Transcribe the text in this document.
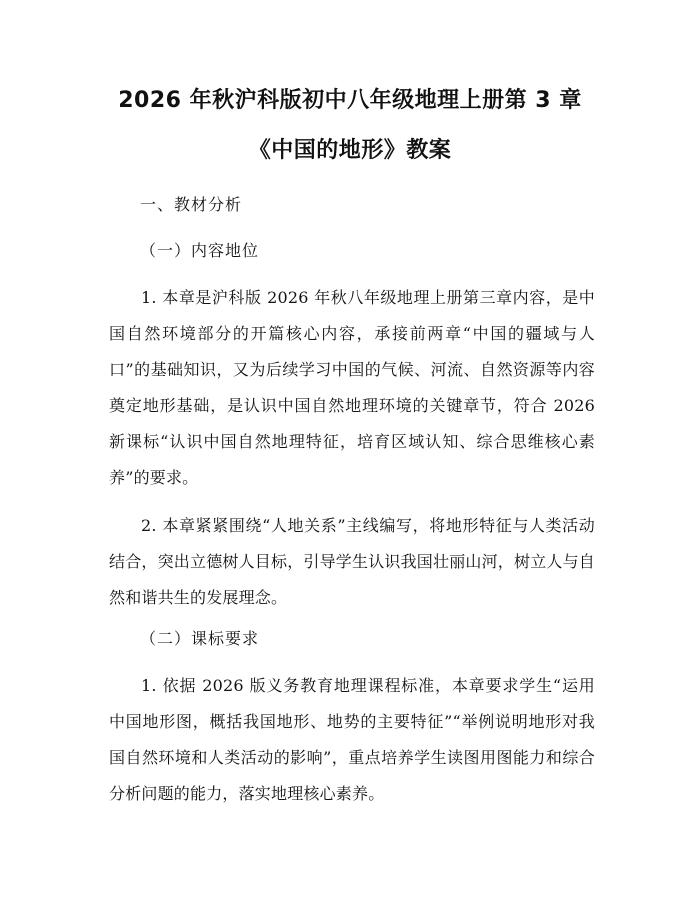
2026 年秋沪科版初中八年级地理上册第 3 章
《中国的地形》教案
一、教材分析
（一）内容地位

1. 本章是沪科版 2026 年秋八年级地理上册第三章内容，是中国自然环境部分的开篇核心内容，承接前两章“中国的疆域与人口”的基础知识，又为后续学习中国的气候、河流、自然资源等内容奠定地形基础，是认识中国自然地理环境的关键章节，符合 2026 新课标“认识中国自然地理特征，培育区域认知、综合思维核心素养”的要求。

2. 本章紧紧围绕“人地关系”主线编写，将地形特征与人类活动结合，突出立德树人目标，引导学生认识我国壮丽山河，树立人与自然和谐共生的发展理念。

（二）课标要求

1. 依据 2026 版义务教育地理课程标准，本章要求学生“运用中国地形图，概括我国地形、地势的主要特征”“举例说明地形对我国自然环境和人类活动的影响”，重点培养学生读图用图能力和综合分析问题的能力，落实地理核心素养。
